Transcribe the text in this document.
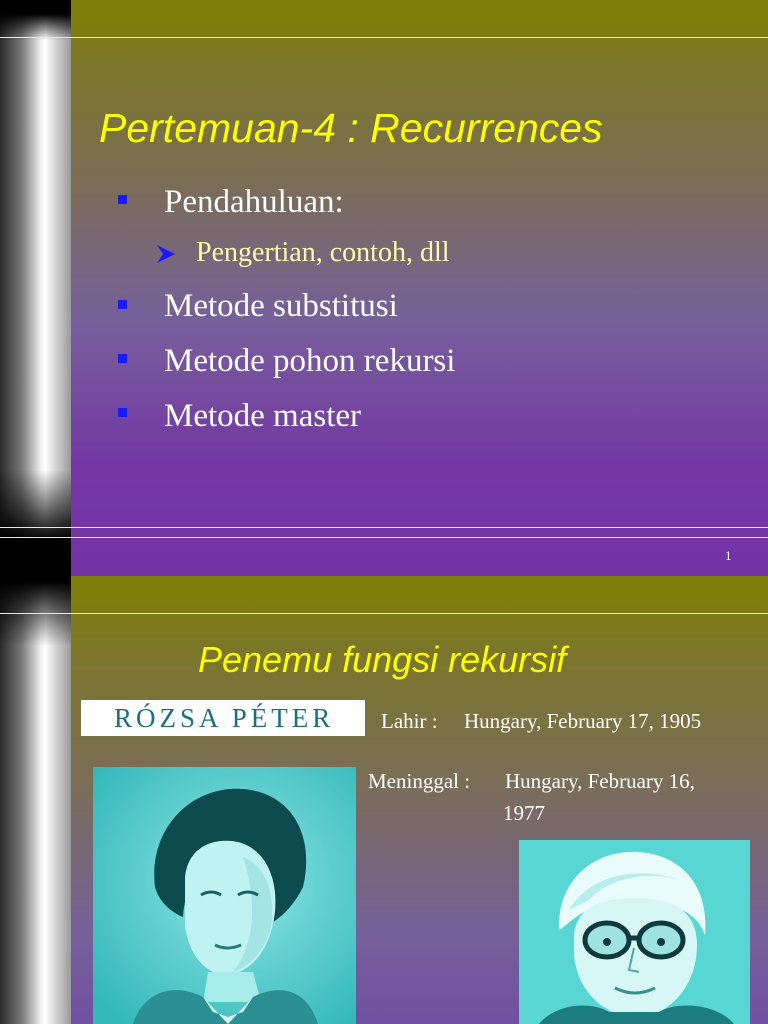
Pertemuan-4 : Recurrences
Pendahuluan:
Pengertian, contoh, dll
Metode substitusi
Metode pohon rekursi
Metode master
1
Penemu fungsi rekursif
RÓZSA PÉTER	Lahir : Hungary, February 17, 1905
Meninggal : Hungary, February 16,
1977
